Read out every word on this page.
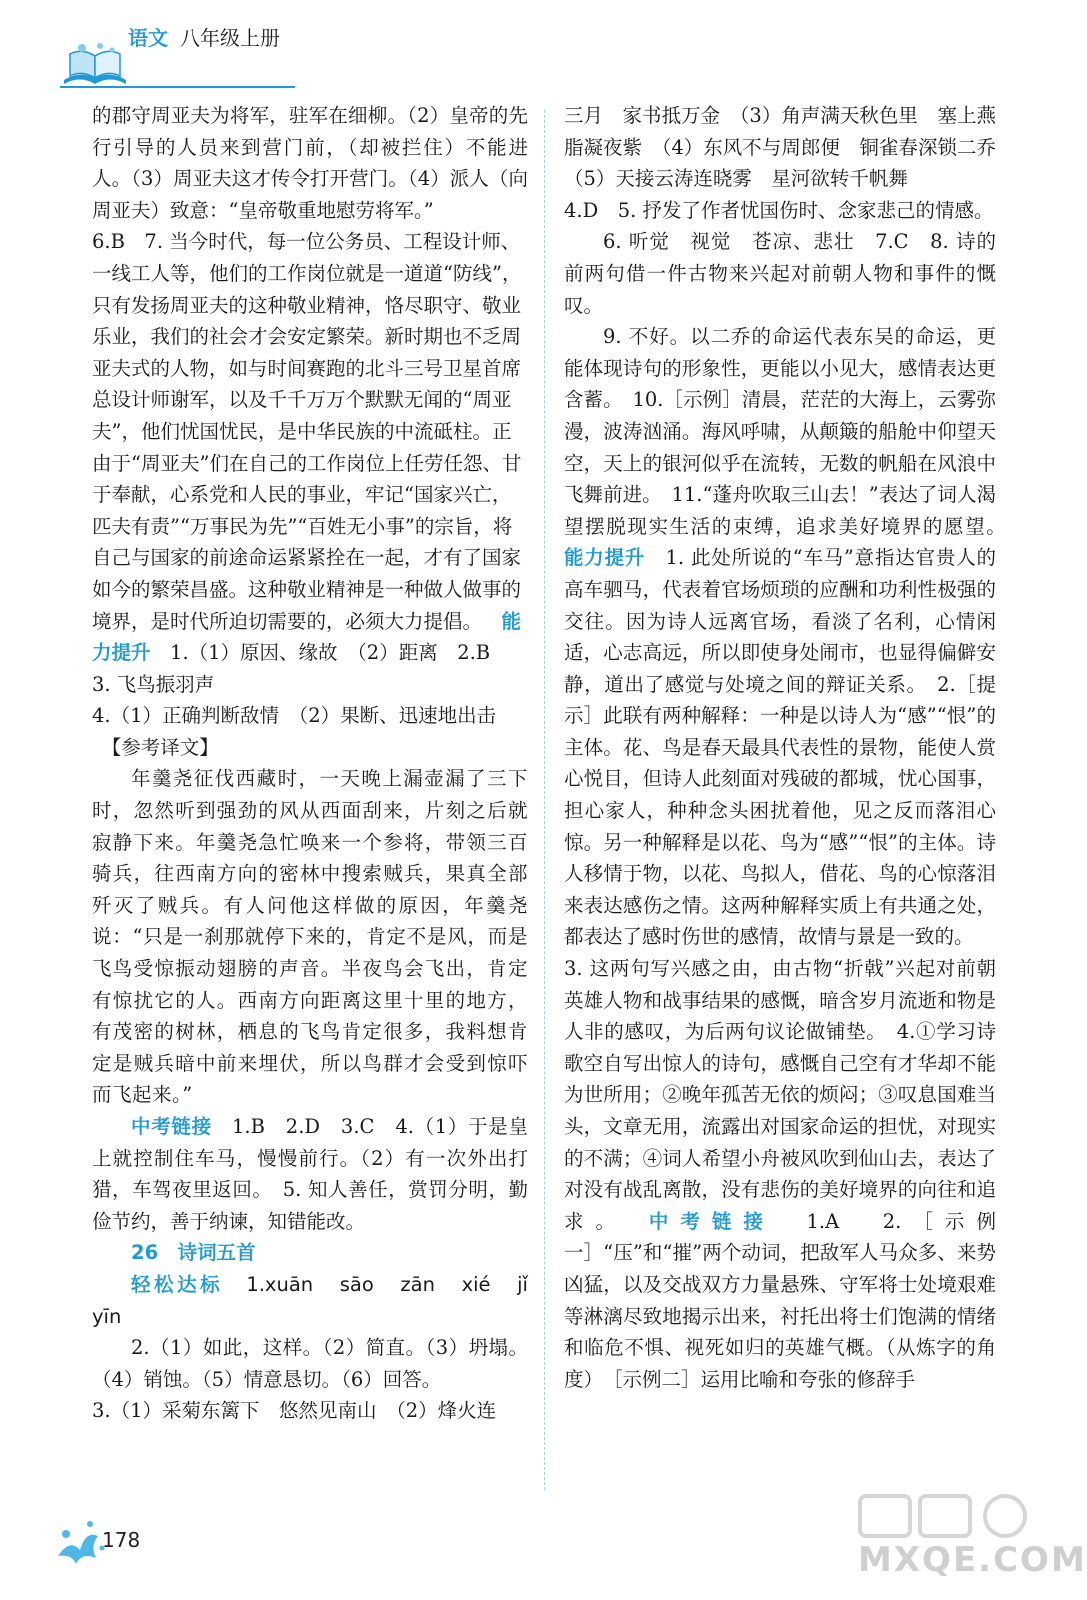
语文 八年级上册

的郡守周亚夫为将军，驻军在细柳。（2）皇帝的先行引导的人员来到营门前，（却被拦住）不能进人。（3）周亚夫这才传令打开营门。（4）派人（向周亚夫）致意：“皇帝敬重地慰劳将军。”

6.B　7. 当今时代，每一位公务员、工程设计师、一线工人等，他们的工作岗位就是一道道“防线”，只有发扬周亚夫的这种敬业精神，恪尽职守、敬业乐业，我们的社会才会安定繁荣。新时期也不乏周亚夫式的人物，如与时间赛跑的北斗三号卫星首席总设计师谢军，以及千千万万个默默无闻的“周亚夫”，他们忧国忧民，是中华民族的中流砥柱。正由于“周亚夫”们在自己的工作岗位上任劳任怨、甘于奉献，心系党和人民的事业，牢记“国家兴亡，匹夫有责”“万事民为先”“百姓无小事”的宗旨，将自己与国家的前途命运紧紧拴在一起，才有了国家如今的繁荣昌盛。这种敬业精神是一种做人做事的境界，是时代所迫切需要的，必须大力提倡。

　 能力提升　 1.（1）原因、缘故　（2）距离　2.B　3. 飞鸟振羽声

4.（1）正确判断敌情　（2）果断、迅速地出击

【参考译文】

年羹尧征伐西藏时，一天晚上漏壶漏了三下时，忽然听到强劲的风从西面刮来，片刻之后就寂静下来。年羹尧急忙唤来一个参将，带领三百骑兵，往西南方向的密林中搜索贼兵，果真全部歼灭了贼兵。有人问他这样做的原因，年羹尧说：“只是一刹那就停下来的，肯定不是风，而是飞鸟受惊振动翅膀的声音。半夜鸟会飞出，肯定有惊扰它的人。西南方向距离这里十里的地方，有茂密的树林，栖息的飞鸟肯定很多，我料想肯定是贼兵暗中前来埋伏，所以鸟群才会受到惊吓而飞起来。”

中考链接　 1.B　2.D　3.C　4.（1）于是皇上就控制住车马，慢慢前行。（2）有一次外出打猎，车驾夜里返回。　5. 知人善任，赏罚分明，勤俭节约，善于纳谏，知错能改。

26　诗词五首

轻松达标　 1.xuān　sāo　zān　xié　jǐ　yīn

2.（1）如此，这样。（2）简直。（3）坍塌。（4）销蚀。（5）情意恳切。（6）回答。

3.（1）采菊东篱下　悠然见南山　（2）烽火连

三月　家书抵万金　（3）角声满天秋色里　塞上燕脂凝夜紫　（4）东风不与周郎便　铜雀春深锁二乔　（5）天接云涛连晓雾　星河欲转千帆舞

4.D　5. 抒发了作者忧国伤时、念家悲己的情感。

6. 听觉　视觉　苍凉、悲壮　7.C　8. 诗的前两句借一件古物来兴起对前朝人物和事件的慨叹。

9. 不好。以二乔的命运代表东吴的命运，更能体现诗句的形象性，更能以小见大，感情表达更含蓄。　10.［示例］清晨，茫茫的大海上，云雾弥漫，波涛汹涌。海风呼啸，从颠簸的船舱中仰望天空，天上的银河似乎在流转，无数的帆船在风浪中飞舞前进。　11.“蓬舟吹取三山去！”表达了词人渴望摆脱现实生活的束缚，追求美好境界的愿望。　能力提升　 1. 此处所说的“车马”意指达官贵人的高车驷马，代表着官场烦琐的应酬和功利性极强的交往。因为诗人远离官场，看淡了名利，心情闲适，心志高远，所以即使身处闹市，也显得偏僻安静，道出了感觉与处境之间的辩证关系。　2.［提示］此联有两种解释：一种是以诗人为“感”“恨”的主体。花、鸟是春天最具代表性的景物，能使人赏心悦目，但诗人此刻面对残破的都城，忧心国事，担心家人，种种念头困扰着他，见之反而落泪心惊。另一种解释是以花、鸟为“感”“恨”的主体。诗人移情于物，以花、鸟拟人，借花、鸟的心惊落泪来表达感伤之情。这两种解释实质上有共通之处，都表达了感时伤世的感情，故情与景是一致的。

3. 这两句写兴感之由，由古物“折戟”兴起对前朝英雄人物和战事结果的感慨，暗含岁月流逝和物是人非的感叹，为后两句议论做铺垫。　4.①学习诗歌空自写出惊人的诗句，感慨自己空有才华却不能为世所用；②晚年孤苦无依的烦闷；③叹息国难当头，文章无用，流露出对国家命运的担忧，对现实的不满；④词人希望小舟被风吹到仙山去，表达了对没有战乱离散，没有悲伤的美好境界的向往和追求。　 中考链接　 1.A　2.［示例一］“压”和“摧”两个动词，把敌军人马众多、来势凶猛，以及交战双方力量悬殊、守军将士处境艰难等淋漓尽致地揭示出来，衬托出将士们饱满的情绪和临危不惧、视死如归的英雄气概。（从炼字的角度）　［示例二］运用比喻和夸张的修辞手

178	MXQE.COM
